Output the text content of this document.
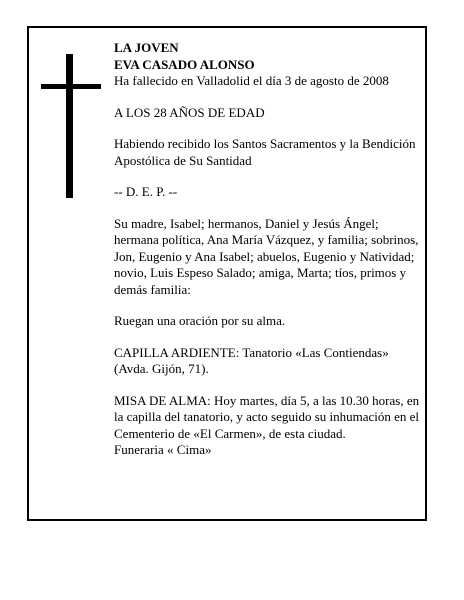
LA JOVEN
EVA CASADO ALONSO
Ha fallecido en Valladolid el día 3 de agosto de 2008

A LOS 28 AÑOS DE EDAD

Habiendo recibido los Santos Sacramentos y la Bendición Apostólica de Su Santidad

-- D. E. P. --

Su madre, Isabel; hermanos, Daniel y Jesús Ángel; hermana política, Ana María Vázquez, y familia; sobrinos, Jon, Eugenio y Ana Isabel; abuelos, Eugenio y Natividad; novio, Luis Espeso Salado; amiga, Marta; tíos, primos y demás familia:

Ruegan una oración por su alma.

CAPILLA ARDIENTE: Tanatorio «Las Contiendas» (Avda. Gijón, 71).

MISA DE ALMA: Hoy martes, día 5, a las 10.30 horas, en la capilla del tanatorio, y acto seguido su inhumación en el Cementerio de «El Carmen», de esta ciudad.
Funeraria « Cima»
